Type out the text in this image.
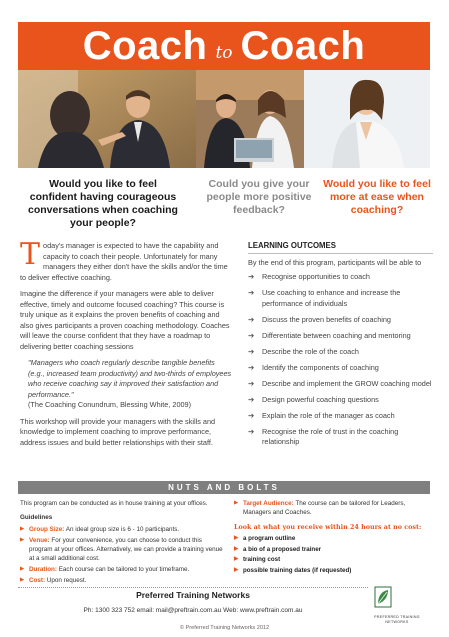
Coach to Coach
Would you like to feel confident having courageous conversations when coaching your people?
Could you give your people more positive feedback?
Would you like to feel more at ease when coaching?

Today's manager is expected to have the capability and capacity to coach their people. Unfortunately for many managers they either don't have the skills and/or the time to deliver effective coaching.

Imagine the difference if your managers were able to deliver effective, timely and outcome focused coaching? This course is truly unique as it explains the proven benefits of coaching and also gives participants a proven coaching methodology. Coaches will leave the course confident that they have a roadmap to delivering better coaching sessions

"Managers who coach regularly describe tangible benefits (e.g., increased team productivity) and two-thirds of employees who receive coaching say it improved their satisfaction and performance."
(The Coaching Conundrum, Blessing White, 2009)

This workshop will provide your managers with the skills and knowledge to implement coaching to improve performance, address issues and build better relationships with their staff.

LEARNING OUTCOMES
By the end of this program, participants will be able to
➔	Recognise opportunities to coach
➔	Use coaching to enhance and increase the performance of individuals
➔	Discuss the proven benefits of coaching
➔	Differentiate between coaching and mentoring
➔	Describe the role of the coach
➔	Identify the components of coaching
➔	Describe and implement the GROW coaching model
➔	Design powerful coaching questions
➔	Explain the role of the manager as coach
➔	Recognise the role of trust in the coaching relationship
NUTS AND BOLTS
This program can be conducted as in house training at your offices.
Guidelines
▶ Group Size: An ideal group size is 6 - 10 participants.
▶ Venue: For your convenience, you can choose to conduct this program at your offices. Alternatively, we can provide a training venue at a small additional cost.
▶ Duration: Each course can be tailored to your timeframe.
▶ Cost: Upon request.
▶ Target Audience: The course can be tailored for Leaders, Managers and Coaches.
Look at what you receive within 24 hours at no cost:
▶ a program outline
▶ a bio of a proposed trainer
▶ training cost
▶ possible training dates (if requested)
Preferred Training Networks
Ph: 1300 323 752 email: mail@preftrain.com.au Web: www.preftrain.com.au
PREFERRED TRAINING
NETWORKS
© Preferred Training Networks 2012
